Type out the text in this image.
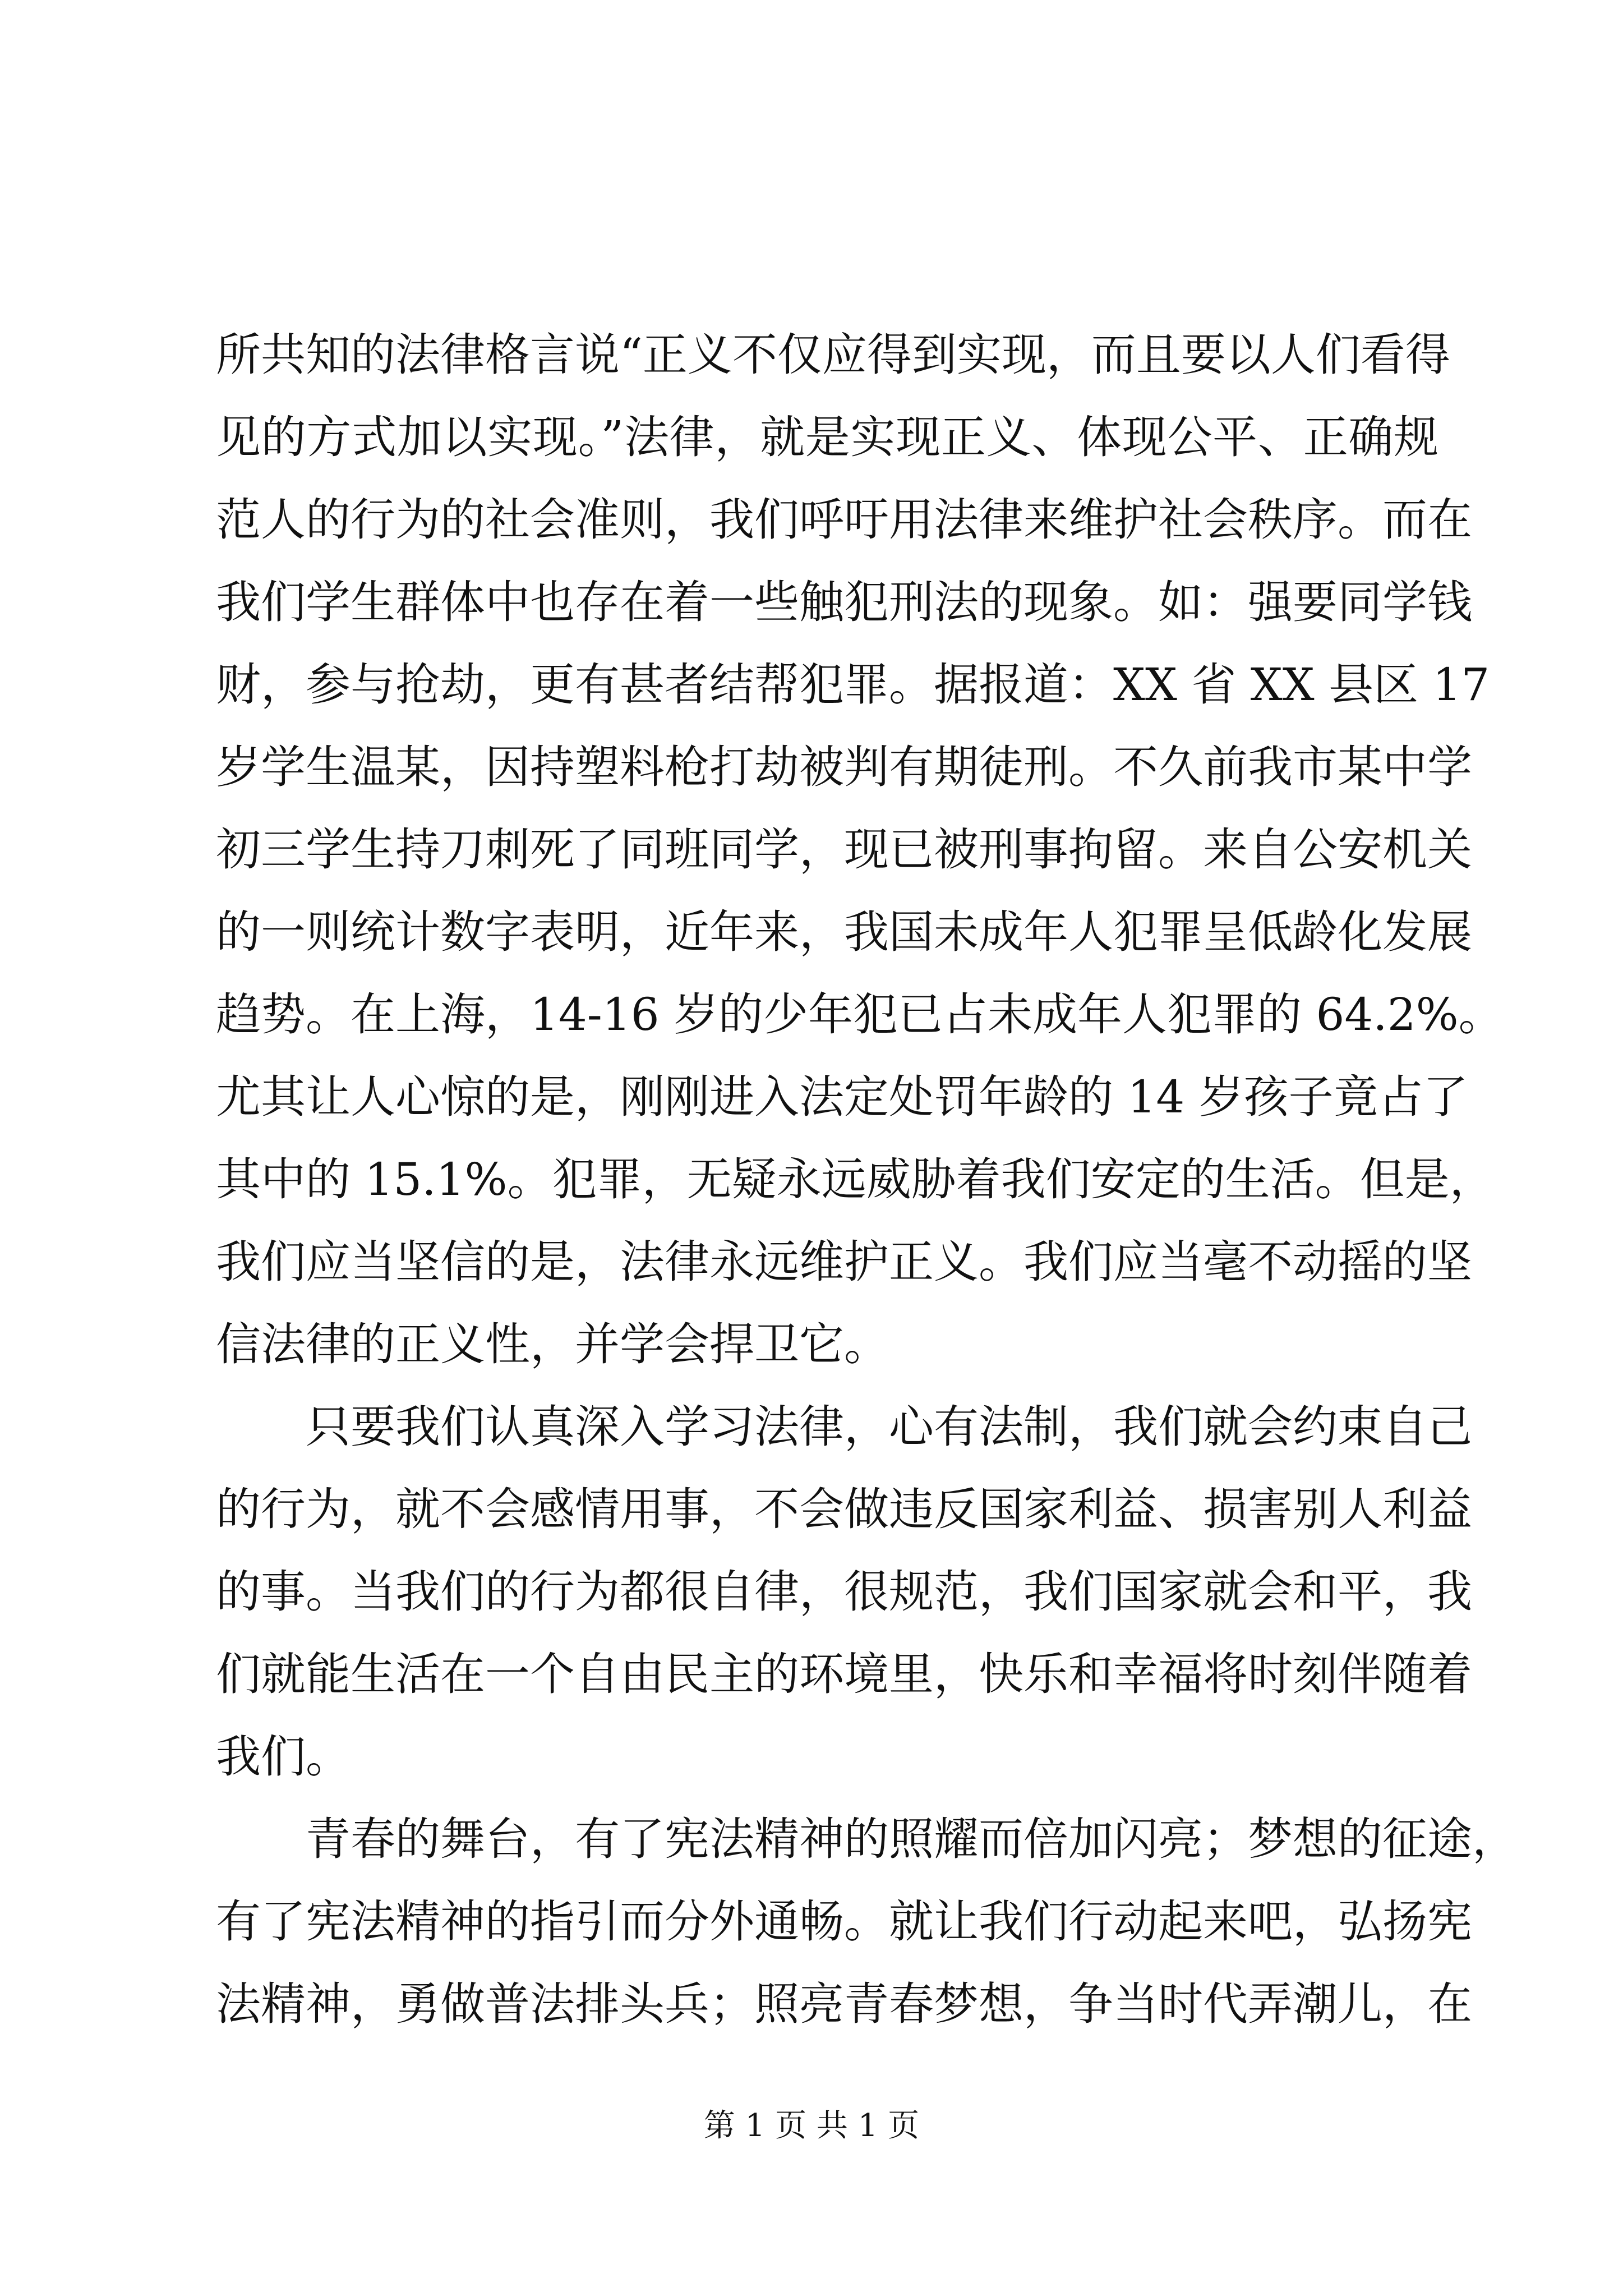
所共知的法律格言说“正义不仅应得到实现，而且要以人们看得
见的方式加以实现。”法律，就是实现正义、体现公平、正确规
范人的行为的社会准则，我们呼吁用法律来维护社会秩序。而在
我们学生群体中也存在着一些触犯刑法的现象。如：强要同学钱
财，参与抢劫，更有甚者结帮犯罪。据报道：XX 省 XX 县区 17
岁学生温某，因持塑料枪打劫被判有期徒刑。不久前我市某中学
初三学生持刀刺死了同班同学，现已被刑事拘留。来自公安机关
的一则统计数字表明，近年来，我国未成年人犯罪呈低龄化发展
趋势。在上海，14-16 岁的少年犯已占未成年人犯罪的 64.2%。
尤其让人心惊的是，刚刚进入法定处罚年龄的 14 岁孩子竟占了
其中的 15.1%。犯罪，无疑永远威胁着我们安定的生活。但是，
我们应当坚信的是，法律永远维护正义。我们应当毫不动摇的坚
信法律的正义性，并学会捍卫它。
只要我们认真深入学习法律，心有法制，我们就会约束自己
的行为，就不会感情用事，不会做违反国家利益、损害别人利益
的事。当我们的行为都很自律，很规范，我们国家就会和平，我
们就能生活在一个自由民主的环境里，快乐和幸福将时刻伴随着
我们。
青春的舞台，有了宪法精神的照耀而倍加闪亮；梦想的征途，
有了宪法精神的指引而分外通畅。就让我们行动起来吧，弘扬宪
法精神，勇做普法排头兵；照亮青春梦想，争当时代弄潮儿，在
第 1 页 共 1 页
